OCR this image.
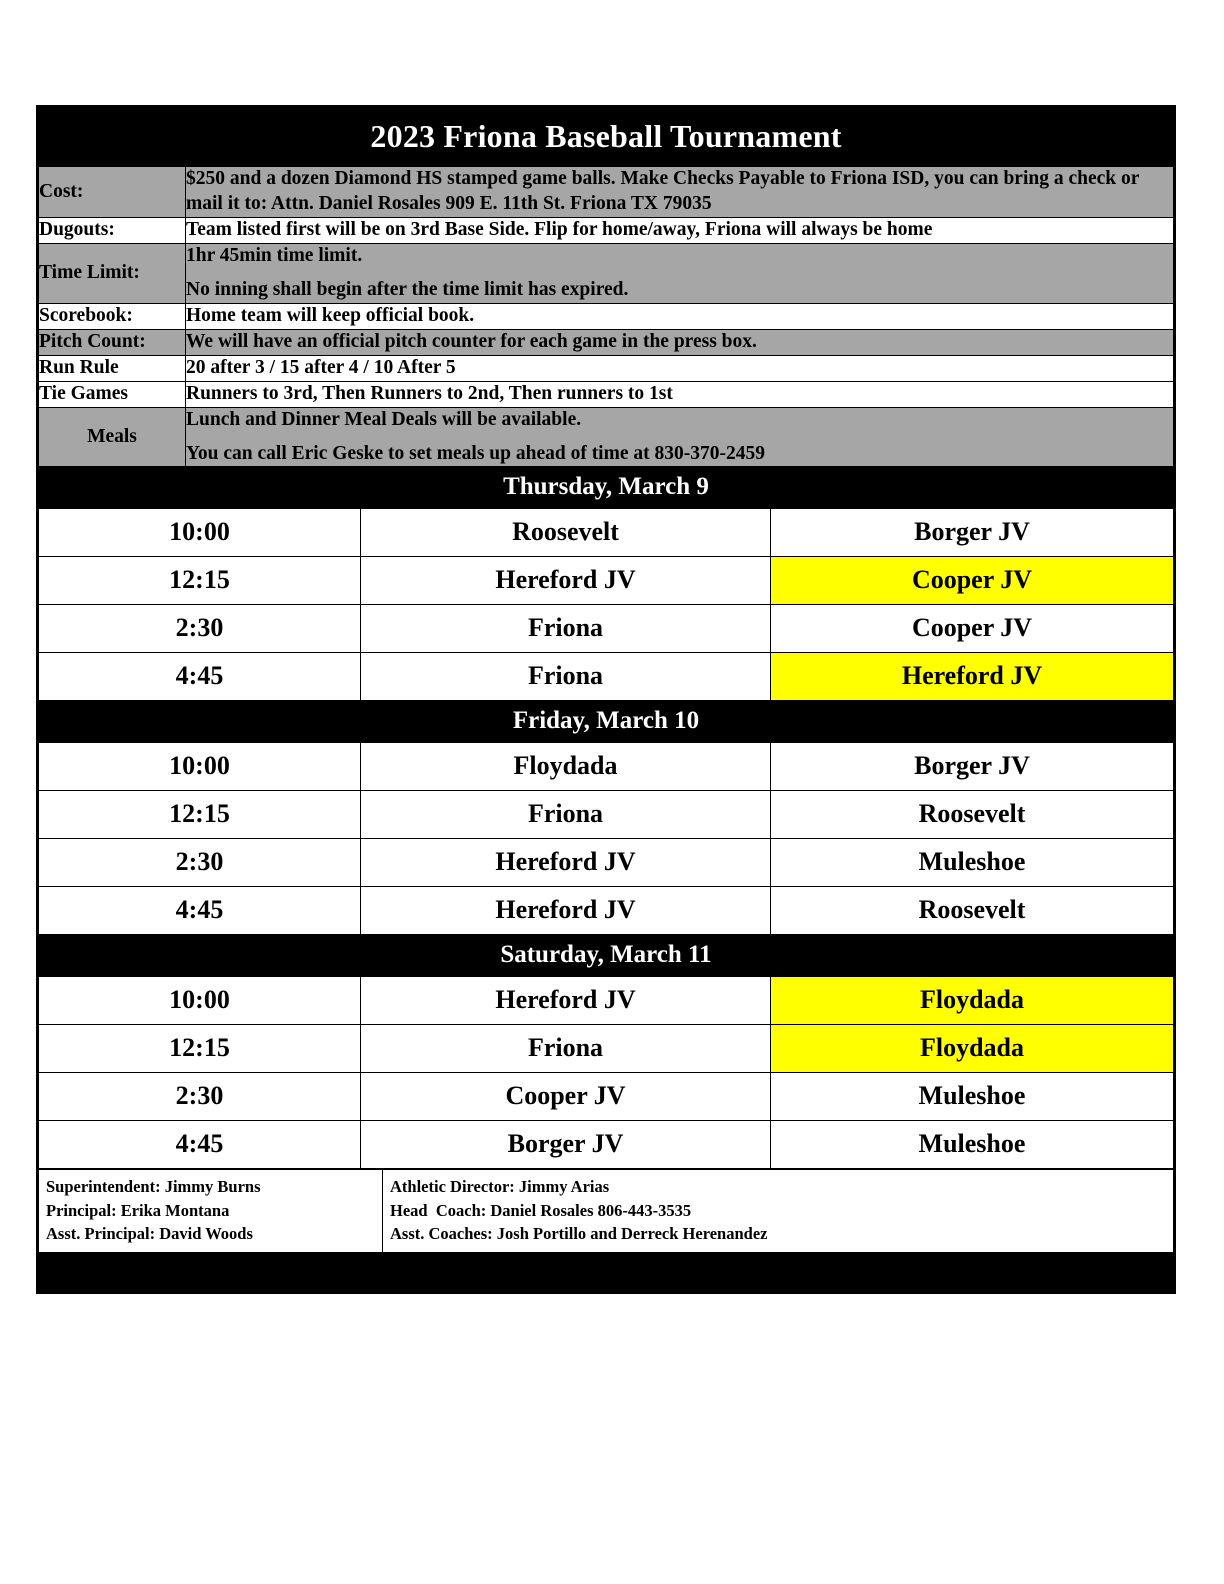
2023 Friona Baseball Tournament
Cost:	$250 and a dozen Diamond HS stamped game balls. Make Checks Payable to Friona ISD, you can bring a check or mail it to: Attn. Daniel Rosales 909 E. 11th St. Friona TX 79035

Dugouts:	Team listed first will be on 3rd Base Side. Flip for home/away, Friona will always be home

Time Limit:	1hr 45min time limit.
No inning shall begin after the time limit has expired.

Scorebook:	Home team will keep official book.

Pitch Count:	We will have an official pitch counter for each game in the press box.

Run Rule	20 after 3 / 15 after 4 / 10 After 5

Tie Games	Runners to 3rd, Then Runners to 2nd, Then runners to 1st

Meals	Lunch and Dinner Meal Deals will be available.
You can call Eric Geske to set meals up ahead of time at 830-370-2459
Thursday, March 9
10:00	Roosevelt	Borger JV
12:15	Hereford JV	Cooper JV
2:30	Friona	Cooper JV
4:45	Friona	Hereford JV
Friday, March 10
10:00	Floydada	Borger JV
12:15	Friona	Roosevelt
2:30	Hereford JV	Muleshoe
4:45	Hereford JV	Roosevelt
Saturday, March 11
10:00	Hereford JV	Floydada
12:15	Friona	Floydada
2:30	Cooper JV	Muleshoe
4:45	Borger JV	Muleshoe
Superintendent: Jimmy Burns
Principal: Erika Montana
Asst. Principal: David Woods

Athletic Director: Jimmy Arias
Head  Coach: Daniel Rosales 806-443-3535
Asst. Coaches: Josh Portillo and Derreck Herenandez
